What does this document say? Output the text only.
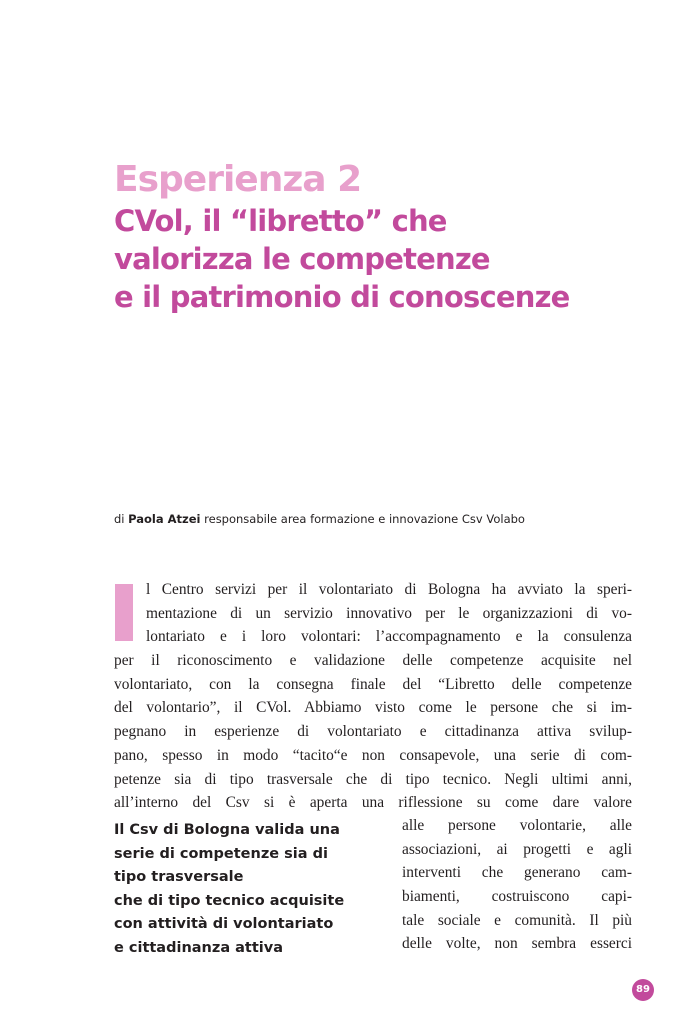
Esperienza 2
CVol, il “libretto” che
valorizza le competenze
e il patrimonio di conoscenze
di Paola Atzei responsabile area formazione e innovazione Csv Volabo
l Centro servizi per il volontariato di Bologna ha avviato la speri-
mentazione di un servizio innovativo per le organizzazioni di vo-
lontariato e i loro volontari: l’accompagnamento e la consulenza
per il riconoscimento e validazione delle competenze acquisite nel
volontariato, con la consegna finale del “Libretto delle competenze
del volontario”, il CVol. Abbiamo visto come le persone che si im-
pegnano in esperienze di volontariato e cittadinanza attiva svilup-
pano, spesso in modo “tacito“e non consapevole, una serie di com-
petenze sia di tipo trasversale che di tipo tecnico. Negli ultimi anni,
all’interno del Csv si è aperta una riflessione su come dare valore
Il Csv di Bologna valida una
serie di competenze sia di
tipo trasversale
che di tipo tecnico acquisite
con attività di volontariato
e cittadinanza attiva
alle persone volontarie, alle
associazioni, ai progetti e agli
interventi che generano cam-
biamenti, costruiscono capi-
tale sociale e comunità. Il più
delle volte, non sembra esserci
89
